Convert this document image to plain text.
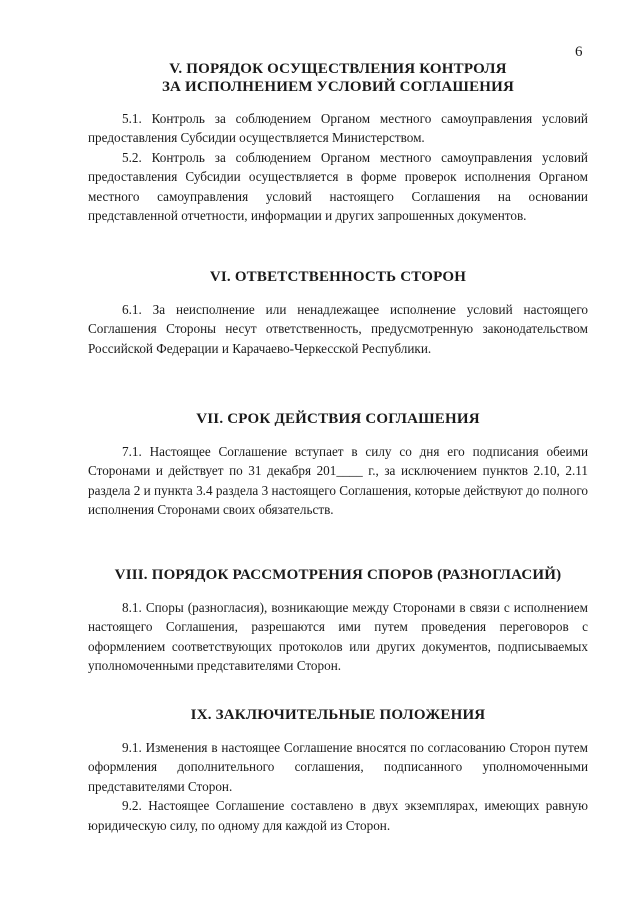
6

V. ПОРЯДОК ОСУЩЕСТВЛЕНИЯ КОНТРОЛЯ

ЗА ИСПОЛНЕНИЕМ УСЛОВИЙ СОГЛАШЕНИЯ

5.1. Контроль за соблюдением Органом местного самоуправления условий предоставления Субсидии осуществляется Министерством.

5.2. Контроль за соблюдением Органом местного самоуправления условий предоставления Субсидии осуществляется в форме проверок исполнения Органом местного самоуправления условий настоящего Соглашения на основании представленной отчетности, информации и других запрошенных документов.

VI. ОТВЕТСТВЕННОСТЬ СТОРОН

6.1. За неисполнение или ненадлежащее исполнение условий настоящего Соглашения Стороны несут ответственность, предусмотренную законодательством Российской Федерации и Карачаево-Черкесской Республики.

VII. СРОК ДЕЙСТВИЯ СОГЛАШЕНИЯ

7.1. Настоящее Соглашение вступает в силу со дня его подписания обеими Сторонами и действует по 31 декабря 201____ г., за исключением пунктов 2.10, 2.11 раздела 2 и пункта 3.4 раздела 3 настоящего Соглашения, которые действуют до полного исполнения Сторонами своих обязательств.

VIII. ПОРЯДОК РАССМОТРЕНИЯ СПОРОВ (РАЗНОГЛАСИЙ)

8.1. Споры (разногласия), возникающие между Сторонами в связи с исполнением настоящего Соглашения, разрешаются ими путем проведения переговоров с оформлением соответствующих протоколов или других документов, подписываемых уполномоченными представителями Сторон.

IX. ЗАКЛЮЧИТЕЛЬНЫЕ ПОЛОЖЕНИЯ

9.1. Изменения в настоящее Соглашение вносятся по согласованию Сторон путем оформления дополнительного соглашения, подписанного уполномоченными представителями Сторон.

9.2. Настоящее Соглашение составлено в двух экземплярах, имеющих равную юридическую силу, по одному для каждой из Сторон.
